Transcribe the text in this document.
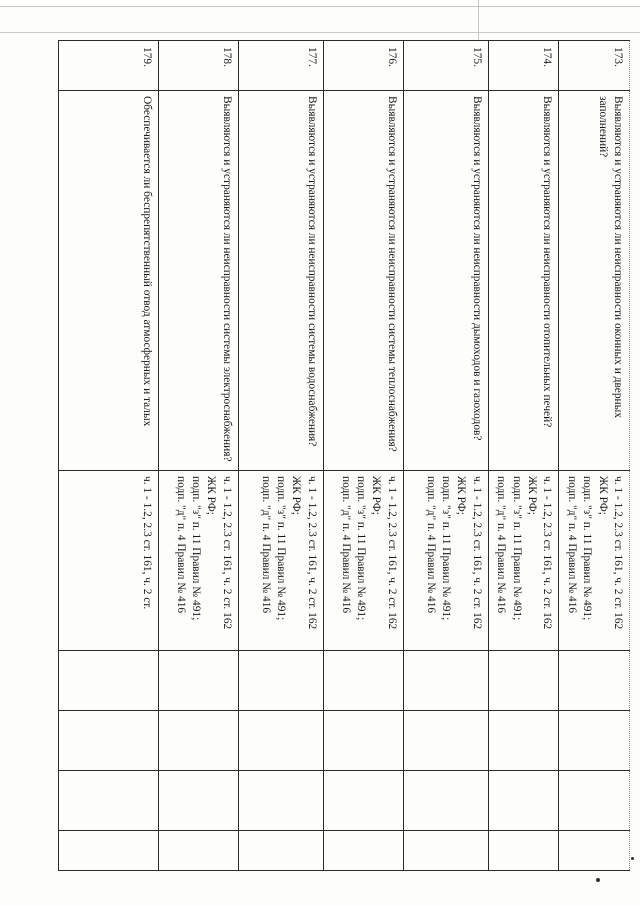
173.	Выявляются и устраняются ли неисправности оконных и дверных заполнений?	ч. 1 - 1.2, 2.3 ст. 161, ч. 2 ст. 162 ЖК РФ;
подп. "з" п. 11 Правил № 491;
подп. "д" п. 4 Правил № 416				
174.	Выявляются и устраняются ли неисправности отопительных печей?	ч. 1 - 1.2, 2.3 ст. 161, ч. 2 ст. 162 ЖК РФ;
подп. "з" п. 11 Правил № 491;
подп. "д" п. 4 Правил № 416				
175.	Выявляются и устраняются ли неисправности дымоходов и газоходов?	ч. 1 - 1.2, 2.3 ст. 161, ч. 2 ст. 162 ЖК РФ;
подп. "з" п. 11 Правил № 491;
подп. "д" п. 4 Правил № 416				
176.	Выявляются и устраняются ли неисправности системы теплоснабжения?	ч. 1 - 1.2, 2.3 ст. 161, ч. 2 ст. 162 ЖК РФ;
подп. "з" п. 11 Правил № 491;
подп. "д" п. 4 Правил № 416				
177.	Выявляются и устраняются ли неисправности системы водоснабжения?	ч. 1 - 1.2, 2.3 ст. 161, ч. 2 ст. 162 ЖК РФ;
подп. "з" п. 11 Правил № 491;
подп. "д" п. 4 Правил № 416				
178.	Выявляются и устраняются ли неисправности системы электроснабжения?	ч. 1 - 1.2, 2.3 ст. 161, ч. 2 ст. 162 ЖК РФ;
подп. "з" п. 11 Правил № 491;
подп. "д" п. 4 Правил № 416				
179.	Обеспечивается ли беспрепятственный отвод атмосферных и талых	ч. 1 - 1.2, 2.3 ст. 161, ч. 2 ст.				
